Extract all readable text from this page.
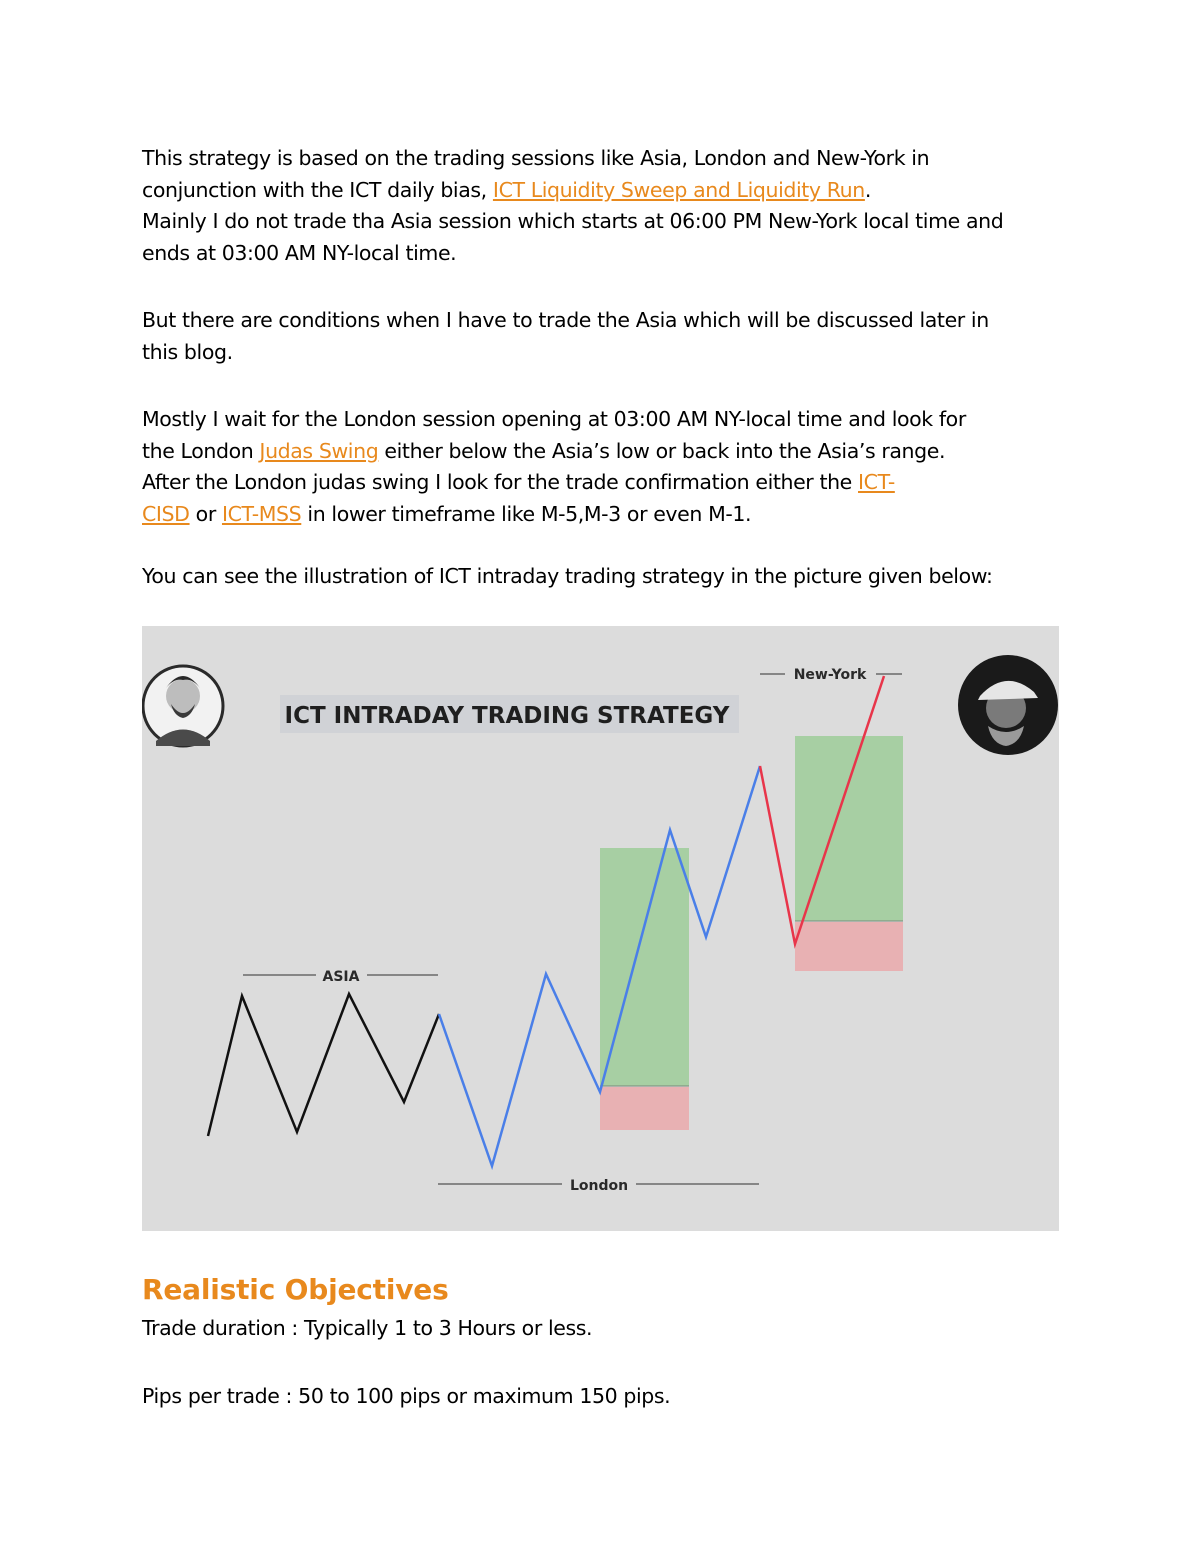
This strategy is based on the trading sessions like Asia, London and New-York in

conjunction with the ICT daily bias, ICT Liquidity Sweep and Liquidity Run.

Mainly I do not trade tha Asia session which starts at 06:00 PM New-York local time and

ends at 03:00 AM NY-local time.

But there are conditions when I have to trade the Asia which will be discussed later in

this blog.

Mostly I wait for the London session opening at 03:00 AM NY-local time and look for

the London Judas Swing either below the Asia’s low or back into the Asia’s range.

After the London judas swing I look for the trade confirmation either the ICT-

CISD or ICT-MSS in lower timeframe like M-5,M-3 or even M-1.

You can see the illustration of ICT intraday trading strategy in the picture given below:

ICT INTRADAY TRADING STRATEGY
ASIA
London
New-York
Realistic Objectives

Trade duration : Typically 1 to 3 Hours or less.

Pips per trade : 50 to 100 pips or maximum 150 pips.
